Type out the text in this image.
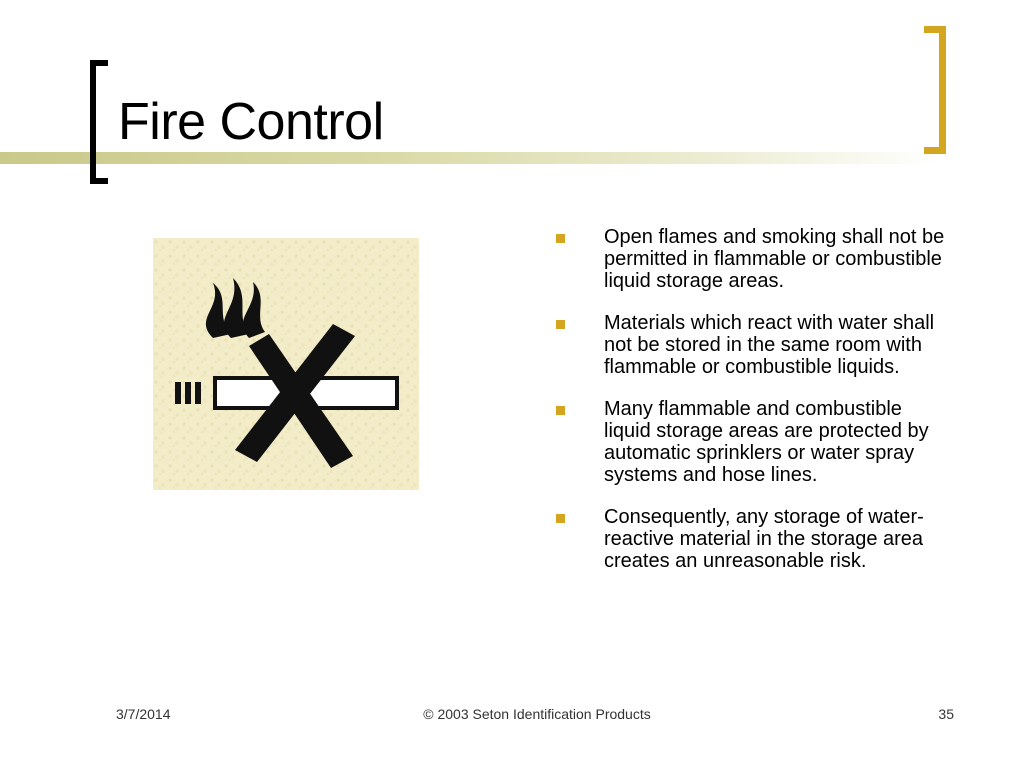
Fire Control
Open flames and smoking shall not be permitted in flammable or combustible liquid storage areas.
Materials which react with water shall not be stored in the same room with flammable or combustible liquids.
Many flammable and combustible liquid storage areas are protected by automatic sprinklers or water spray systems and hose lines.
Consequently, any storage of water-reactive material in the storage area creates an unreasonable risk.
3/7/2014	© 2003 Seton Identification Products	35
